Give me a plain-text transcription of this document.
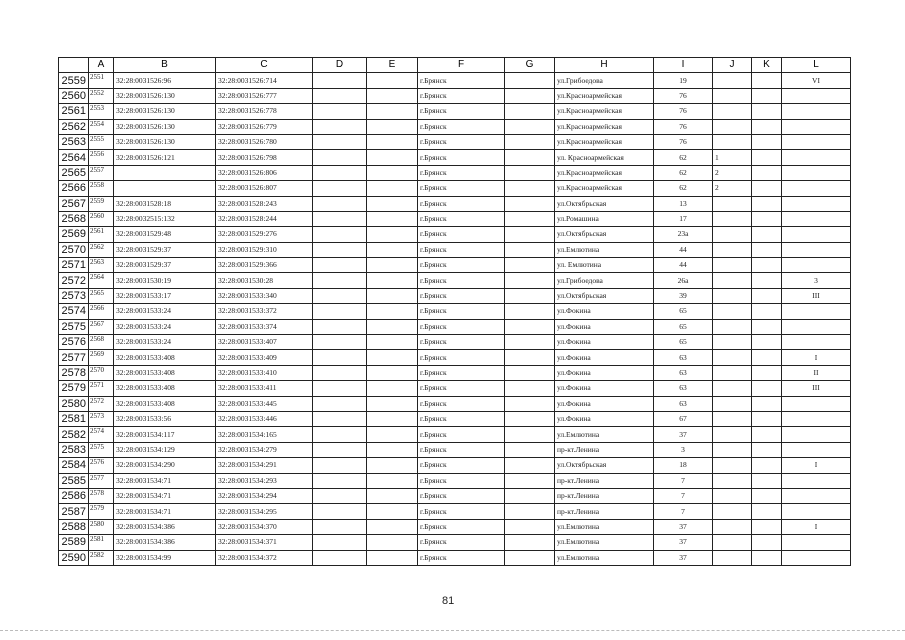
	A	B	C	D	E	F	G	H	I	J	K	L
2559	2551	32:28:0031526:96	32:28:0031526:714			г.Брянск		ул.Грибоедова	19			VI
2560	2552	32:28:0031526:130	32:28:0031526:777			г.Брянск		ул.Красноармейская	76			
2561	2553	32:28:0031526:130	32:28:0031526:778			г.Брянск		ул.Красноармейская	76			
2562	2554	32:28:0031526:130	32:28:0031526:779			г.Брянск		ул.Красноармейская	76			
2563	2555	32:28:0031526:130	32:28:0031526:780			г.Брянск		ул.Красноармейская	76			
2564	2556	32:28:0031526:121	32:28:0031526:798			г.Брянск		ул. Красноармейская	62	1		
2565	2557		32:28:0031526:806			г.Брянск		ул.Красноармейская	62	2		
2566	2558		32:28:0031526:807			г.Брянск		ул.Красноармейская	62	2		
2567	2559	32:28:0031528:18	32:28:0031528:243			г.Брянск		ул.Октябрьская	13			
2568	2560	32:28:0032515:132	32:28:0031528:244			г.Брянск		ул.Ромашина	17			
2569	2561	32:28:0031529:48	32:28:0031529:276			г.Брянск		ул.Октябрьская	23а			
2570	2562	32:28:0031529:37	32:28:0031529:310			г.Брянск		ул.Емлютина	44			
2571	2563	32:28:0031529:37	32:28:0031529:366			г.Брянск		ул. Емлютина	44			
2572	2564	32:28:0031530:19	32:28:0031530:28			г.Брянск		ул.Грибоедова	26а			3
2573	2565	32:28:0031533:17	32:28:0031533:340			г.Брянск		ул.Октябрьская	39			III
2574	2566	32:28:0031533:24	32:28:0031533:372			г.Брянск		ул.Фокина	65			
2575	2567	32:28:0031533:24	32:28:0031533:374			г.Брянск		ул.Фокина	65			
2576	2568	32:28:0031533:24	32:28:0031533:407			г.Брянск		ул.Фокина	65			
2577	2569	32:28:0031533:408	32:28:0031533:409			г.Брянск		ул.Фокина	63			I
2578	2570	32:28:0031533:408	32:28:0031533:410			г.Брянск		ул.Фокина	63			II
2579	2571	32:28:0031533:408	32:28:0031533:411			г.Брянск		ул.Фокина	63			III
2580	2572	32:28:0031533:408	32:28:0031533:445			г.Брянск		ул.Фокина	63			
2581	2573	32:28:0031533:56	32:28:0031533:446			г.Брянск		ул.Фокина	67			
2582	2574	32:28:0031534:117	32:28:0031534:165			г.Брянск		ул.Емлютина	37			
2583	2575	32:28:0031534:129	32:28:0031534:279			г.Брянск		пр-кт.Ленина	3			
2584	2576	32:28:0031534:290	32:28:0031534:291			г.Брянск		ул.Октябрьская	18			I
2585	2577	32:28:0031534:71	32:28:0031534:293			г.Брянск		пр-кт.Ленина	7			
2586	2578	32:28:0031534:71	32:28:0031534:294			г.Брянск		пр-кт.Ленина	7			
2587	2579	32:28:0031534:71	32:28:0031534:295			г.Брянск		пр-кт.Ленина	7			
2588	2580	32:28:0031534:386	32:28:0031534:370			г.Брянск		ул.Емлютина	37			I
2589	2581	32:28:0031534:386	32:28:0031534:371			г.Брянск		ул.Емлютина	37			
2590	2582	32:28:0031534:99	32:28:0031534:372			г.Брянск		ул.Емлютина	37			
81
